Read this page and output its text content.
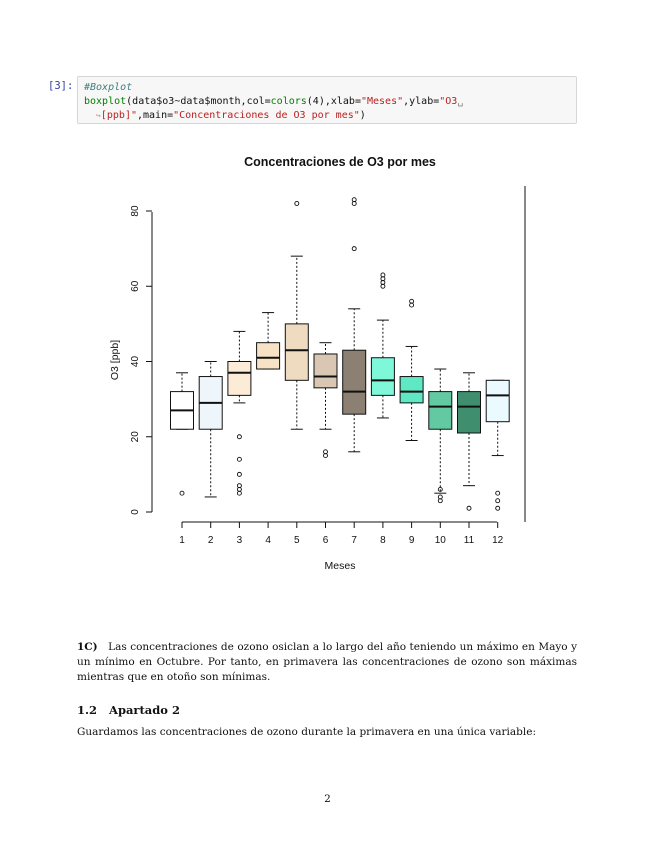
[3]:	#Boxplot
boxplot(data$o3~data$month,col=colors(4),xlab="Meses",ylab="O3␣
↪[ppb]",main="Concentraciones de O3 por mes")
Concentraciones de O3 por mes
0
20
40
60
80
1 2 3 4 5 6 7 8 9 10 11 12
Meses
O3 [ppb]
1C) Las concentraciones de ozono osiclan a lo largo del año teniendo un máximo en Mayo y un mínimo en Octubre. Por tanto, en primavera las concentraciones de ozono son máximas mientras que en otoño son mínimas.
1.2 Apartado 2
Guardamos las concentraciones de ozono durante la primavera en una única variable:
2
